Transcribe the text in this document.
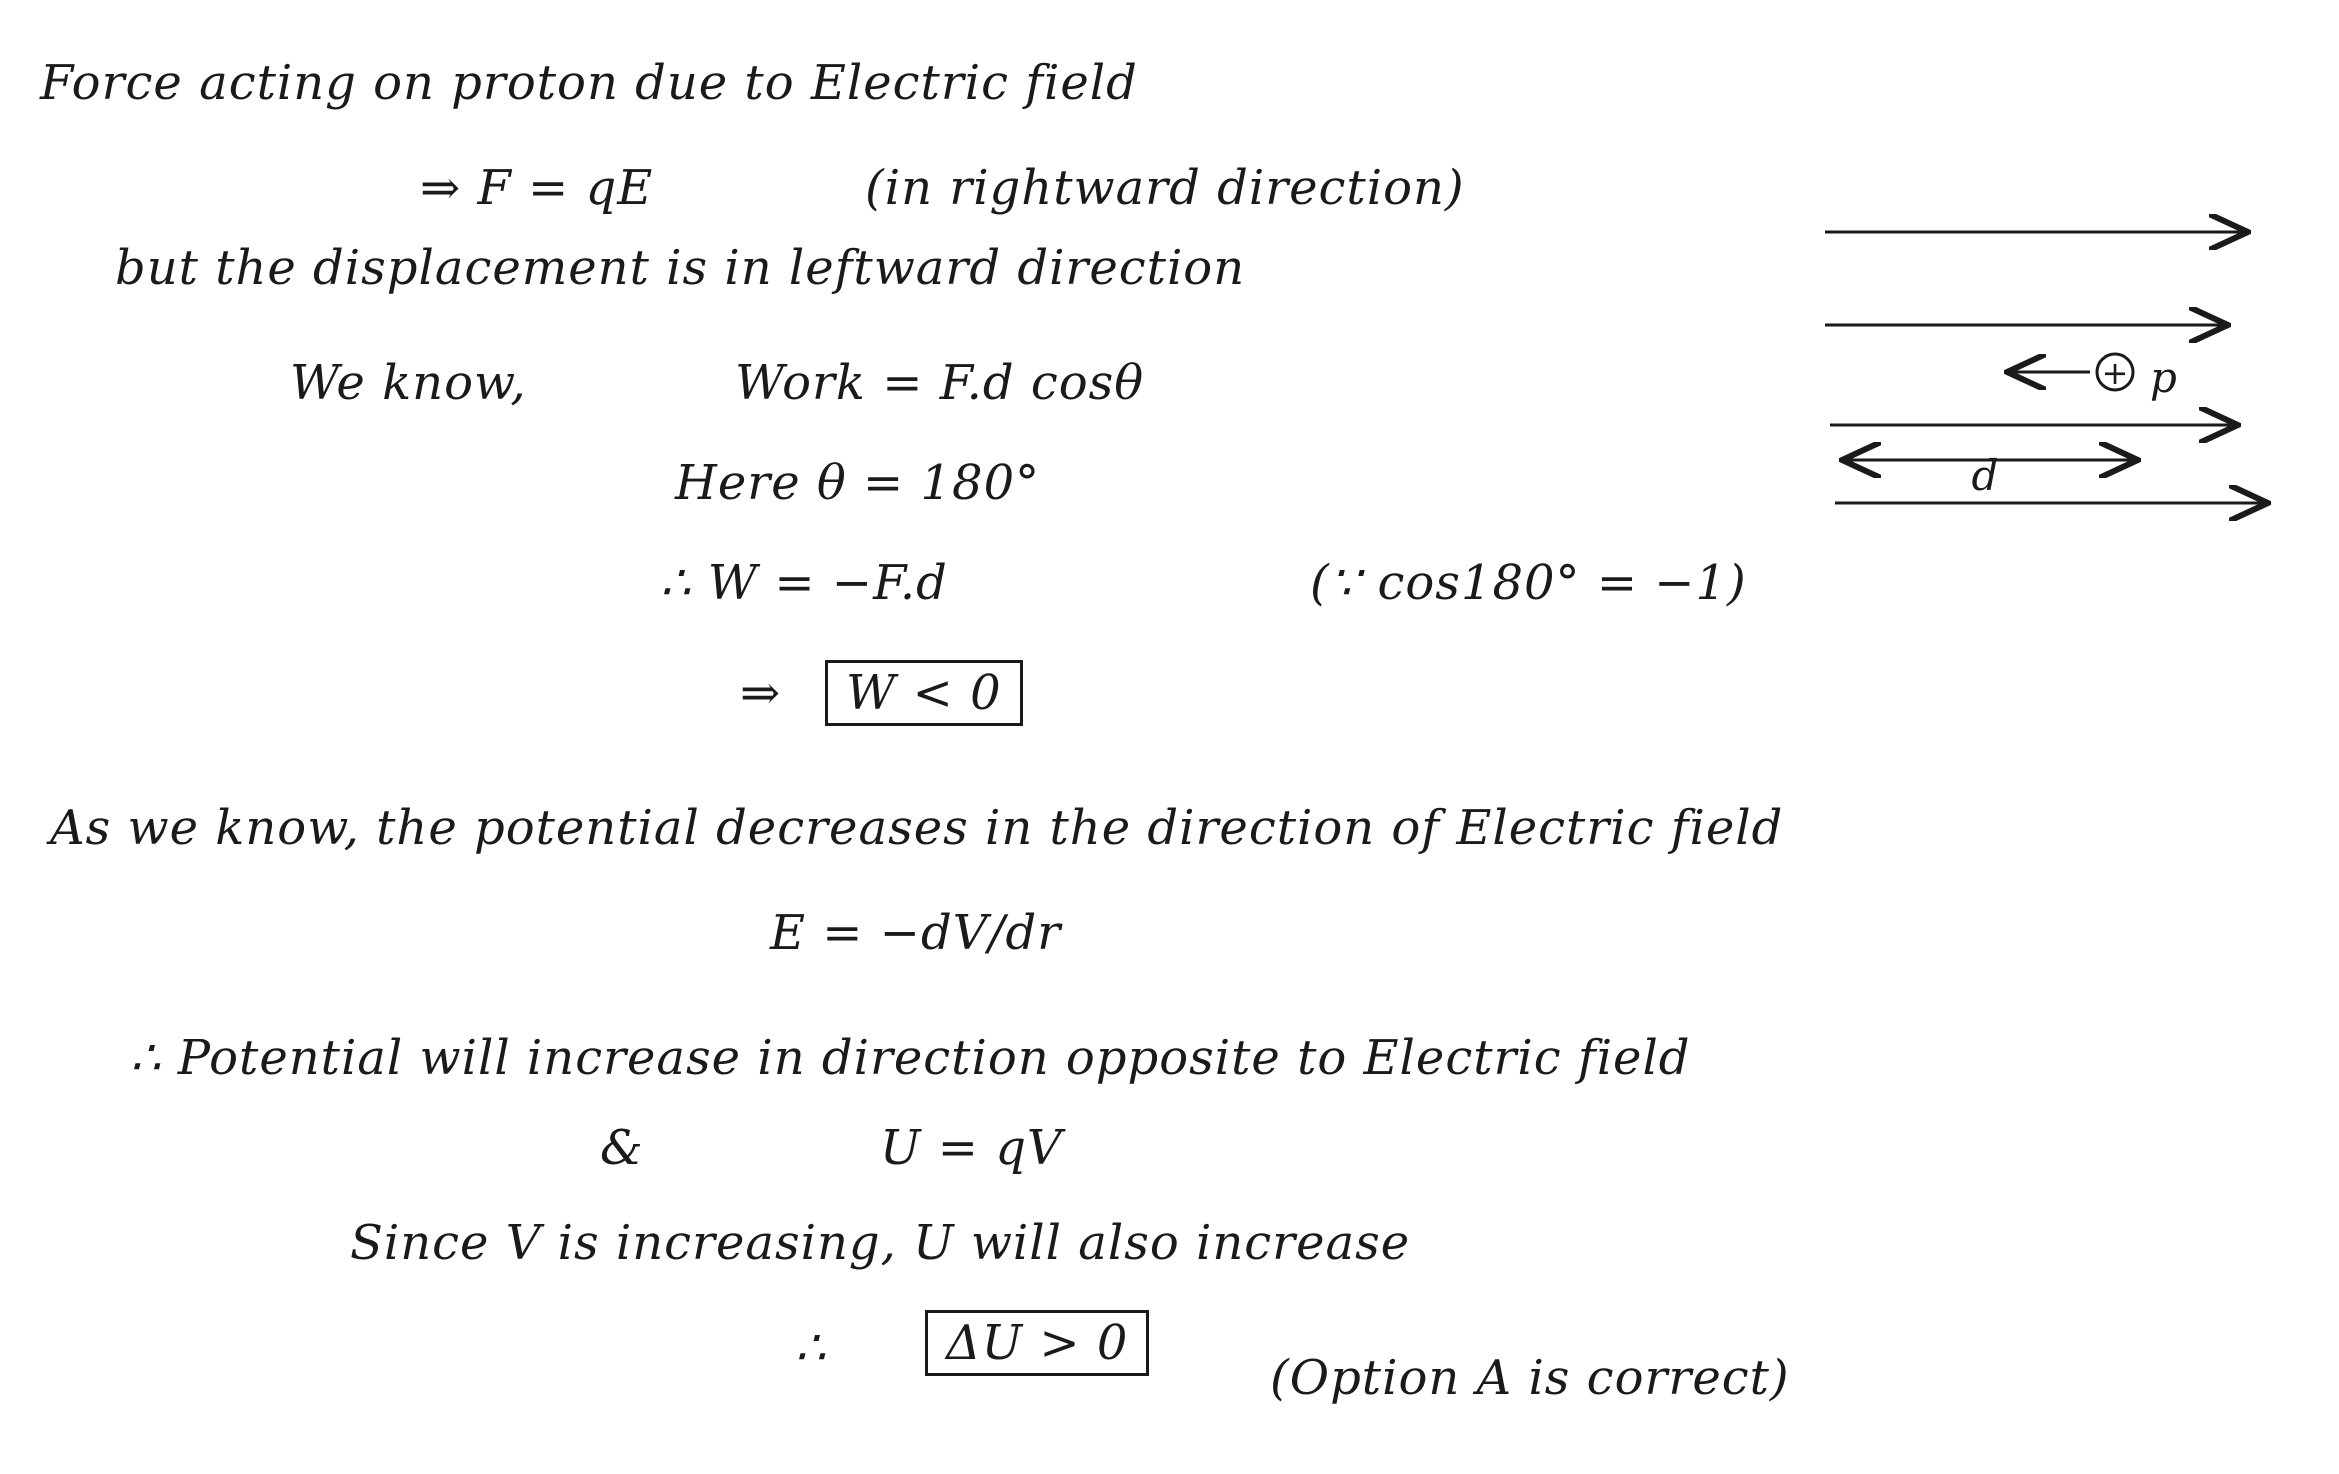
Force acting on proton due to Electric field
⇒ F = qE	(in rightward direction)
but the displacement is in leftward direction
We know,	Work = F.d cosθ
Here θ = 180°
∴ W = −F.d	(∵ cos180° = −1)
⇒	W < 0
As we know, the potential decreases in the direction of Electric field
E = −dV/dr
∴ Potential will increase in direction opposite to Electric field
&	U = qV
Since V is increasing, U will also increase
∴	ΔU > 0
(Option A is correct)
+ p
d
